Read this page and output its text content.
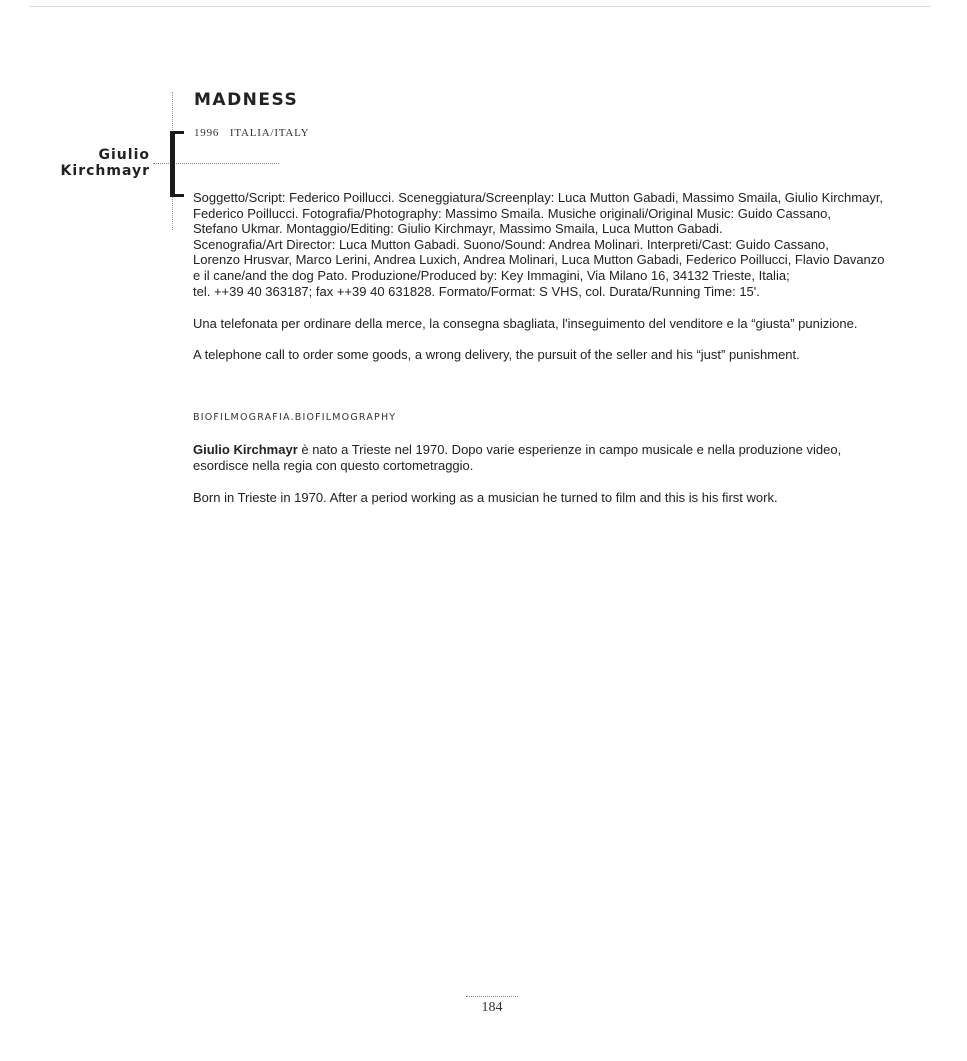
Giulio
Kirchmayr
MADNESS
1996 ITALIA/ITALY
Soggetto/Script: Federico Poillucci. Sceneggiatura/Screenplay: Luca Mutton Gabadi, Massimo Smaila, Giulio Kirchmayr,
Federico Poillucci. Fotografia/Photography: Massimo Smaila. Musiche originali/Original Music: Guido Cassano,
Stefano Ukmar. Montaggio/Editing: Giulio Kirchmayr, Massimo Smaila, Luca Mutton Gabadi.
Scenografia/Art Director: Luca Mutton Gabadi. Suono/Sound: Andrea Molinari. Interpreti/Cast: Guido Cassano,
Lorenzo Hrusvar, Marco Lerini, Andrea Luxich, Andrea Molinari, Luca Mutton Gabadi, Federico Poillucci, Flavio Davanzo
e il cane/and the dog Pato. Produzione/Produced by: Key Immagini, Via Milano 16, 34132 Trieste, Italia;
tel. ++39 40 363187; fax ++39 40 631828. Formato/Format: S VHS, col. Durata/Running Time: 15'.
Una telefonata per ordinare della merce, la consegna sbagliata, l'inseguimento del venditore e la “giusta” punizione.
A telephone call to order some goods, a wrong delivery, the pursuit of the seller and his “just” punishment.
BIOFILMOGRAFIA.BIOFILMOGRAPHY
Giulio Kirchmayr è nato a Trieste nel 1970. Dopo varie esperienze in campo musicale e nella produzione video, esordisce nella regia con questo cortometraggio.
Born in Trieste in 1970. After a period working as a musician he turned to film and this is his first work.
184
